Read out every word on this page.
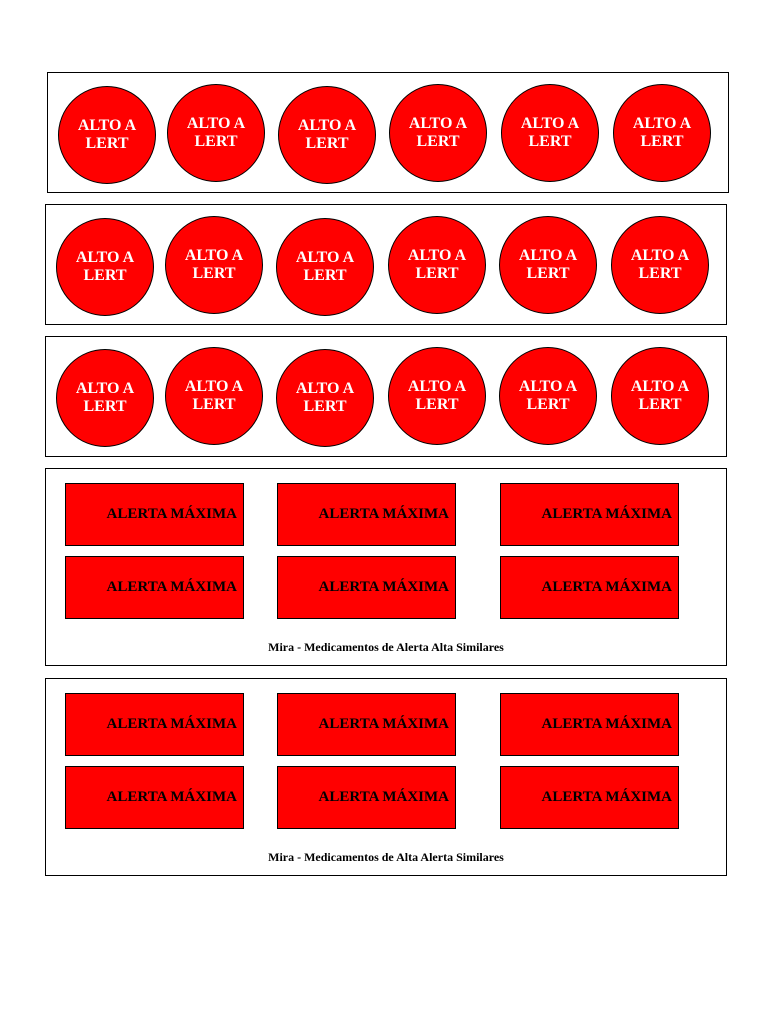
ALTO ALERT
ALTO ALERT
ALTO ALERT
ALTO ALERT
ALTO ALERT
ALTO ALERT
ALTO ALERT
ALTO ALERT
ALTO ALERT
ALTO ALERT
ALTO ALERT
ALTO ALERT
ALTO ALERT
ALTO ALERT
ALTO ALERT
ALTO ALERT
ALTO ALERT
ALTO ALERT
ALERTA MÁXIMA	ALERTA MÁXIMA	ALERTA MÁXIMA
ALERTA MÁXIMA	ALERTA MÁXIMA	ALERTA MÁXIMA
Mira - Medicamentos de Alerta Alta Similares
ALERTA MÁXIMA	ALERTA MÁXIMA	ALERTA MÁXIMA
ALERTA MÁXIMA	ALERTA MÁXIMA	ALERTA MÁXIMA
Mira - Medicamentos de Alta Alerta Similares
